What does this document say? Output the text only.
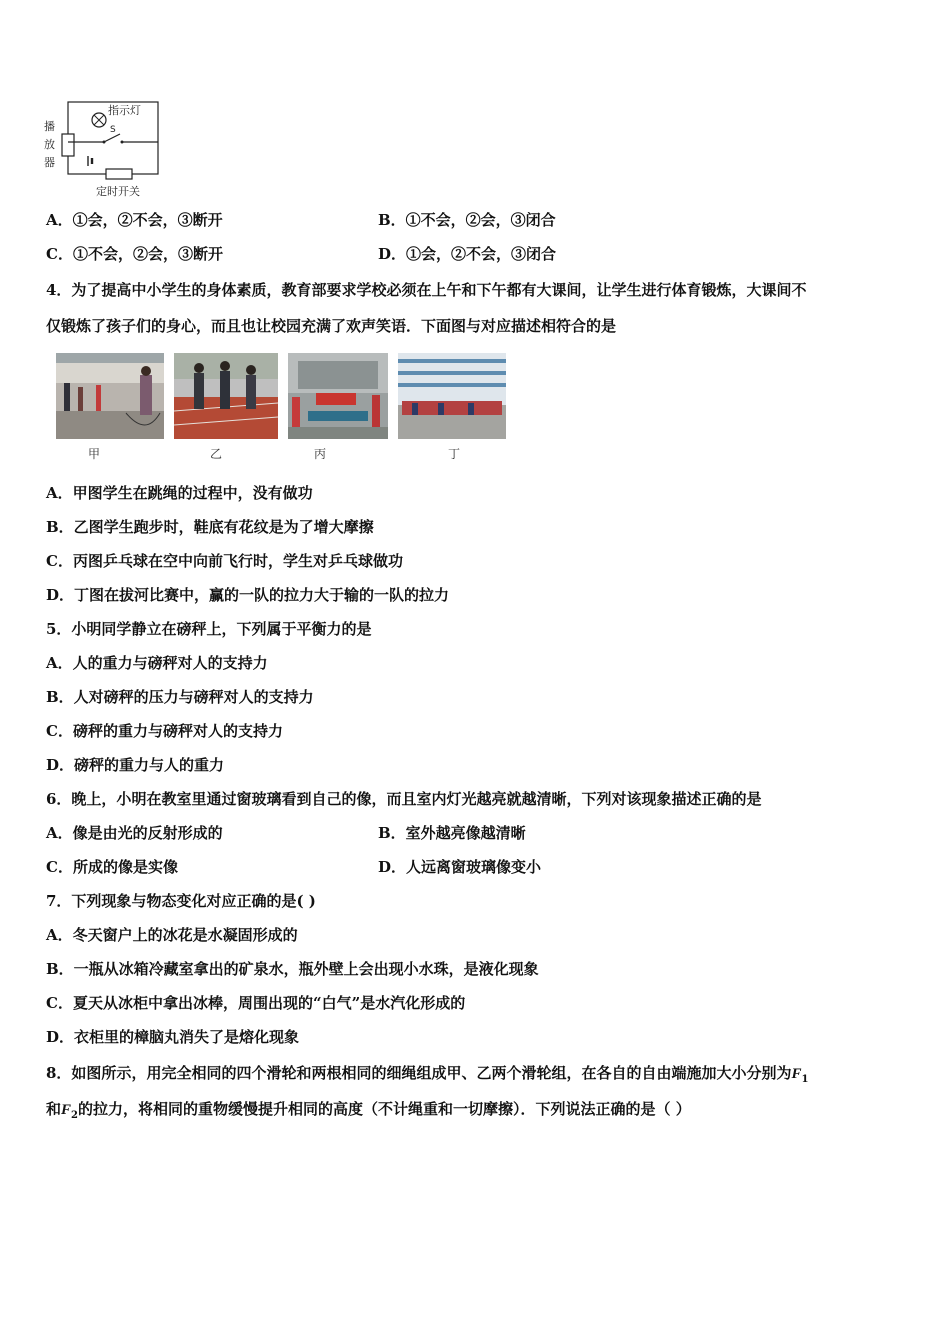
指示灯
播
放
器
S
定时开关
A．①会，②不会，③断开	B．①不会，②会，③闭合
C．①不会，②会，③断开	D．①会，②不会，③闭合
4．为了提高中小学生的身体素质，教育部要求学校必须在上午和下午都有大课间，让学生进行体育锻炼，大课间不
仅锻炼了孩子们的身心，而且也让校园充满了欢声笑语．下面图与对应描述相符合的是
甲	乙	丙	丁
A．甲图学生在跳绳的过程中，没有做功
B．乙图学生跑步时，鞋底有花纹是为了增大摩擦
C．丙图乒乓球在空中向前飞行时，学生对乒乓球做功
D．丁图在拔河比赛中，赢的一队的拉力大于输的一队的拉力
5．小明同学静立在磅秤上，下列属于平衡力的是
A．人的重力与磅秤对人的支持力
B．人对磅秤的压力与磅秤对人的支持力
C．磅秤的重力与磅秤对人的支持力
D．磅秤的重力与人的重力
6．晚上，小明在教室里通过窗玻璃看到自己的像，而且室内灯光越亮就越清晰，下列对该现象描述正确的是
A．像是由光的反射形成的	B．室外越亮像越清晰
C．所成的像是实像	D．人远离窗玻璃像变小
7．下列现象与物态变化对应正确的是( )
A．冬天窗户上的冰花是水凝固形成的
B．一瓶从冰箱冷藏室拿出的矿泉水，瓶外壁上会出现小水珠，是液化现象
C．夏天从冰柜中拿出冰棒，周围出现的“白气”是水汽化形成的
D．衣柜里的樟脑丸消失了是熔化现象
8．如图所示，用完全相同的四个滑轮和两根相同的细绳组成甲、乙两个滑轮组，在各自的自由端施加大小分别为$F_1$
和$F_2$的拉力，将相同的重物缓慢提升相同的高度（不计绳重和一切摩擦）．下列说法正确的是（ ）
